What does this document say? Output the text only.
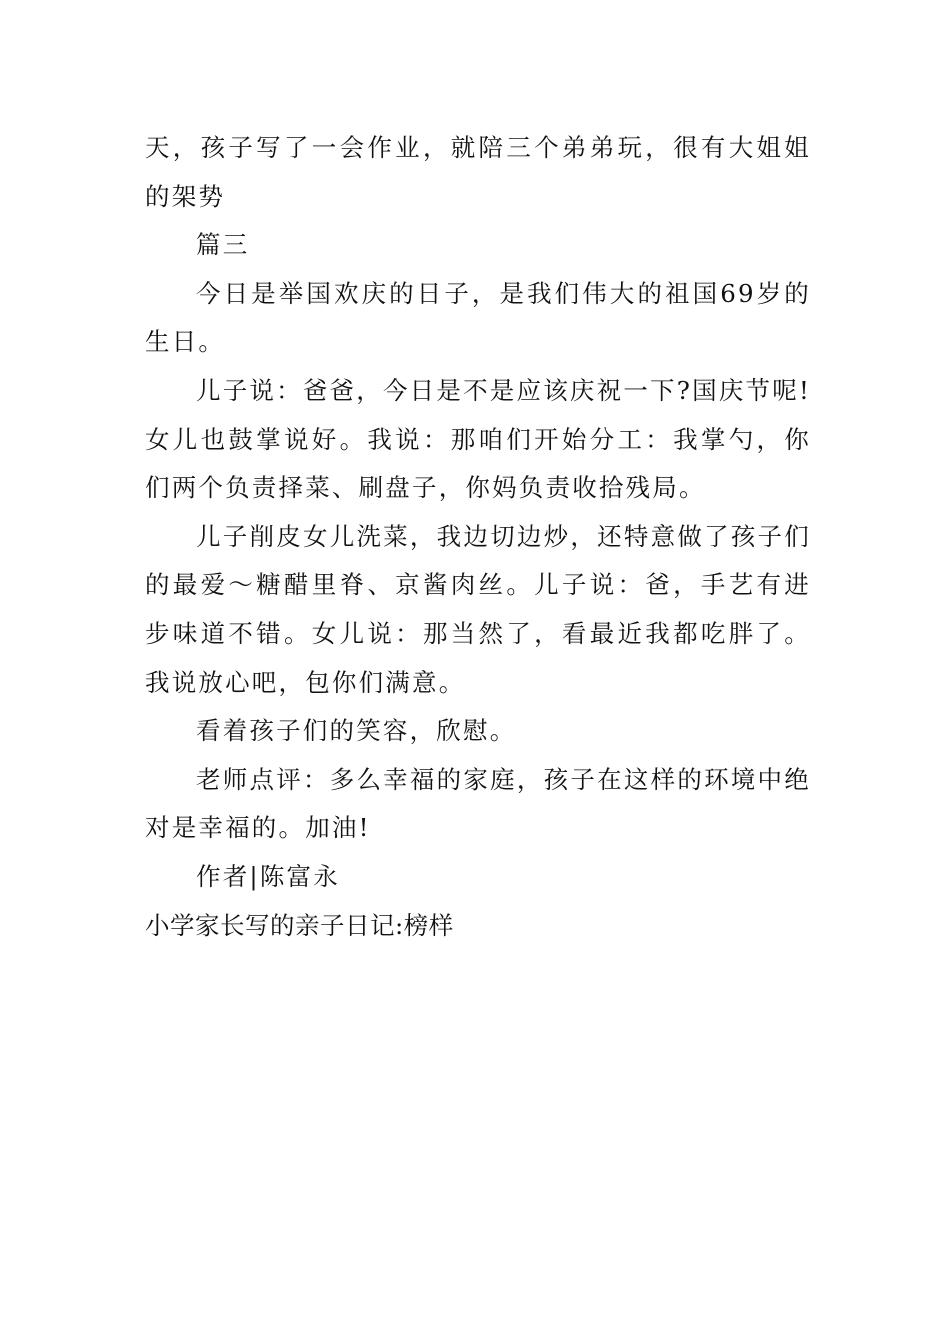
天，孩子写了一会作业，就陪三个弟弟玩，很有大姐姐的架势

篇三

今日是举国欢庆的日子，是我们伟大的祖国69岁的生日。

儿子说：爸爸，今日是不是应该庆祝一下?国庆节呢!女儿也鼓掌说好。我说：那咱们开始分工：我掌勺，你们两个负责择菜、刷盘子，你妈负责收拾残局。

儿子削皮女儿洗菜，我边切边炒，还特意做了孩子们的最爱～糖醋里脊、京酱肉丝。儿子说：爸，手艺有进步味道不错。女儿说：那当然了，看最近我都吃胖了。我说放心吧，包你们满意。

看着孩子们的笑容，欣慰。

老师点评：多么幸福的家庭，孩子在这样的环境中绝对是幸福的。加油!

作者|陈富永

小学家长写的亲子日记:榜样
